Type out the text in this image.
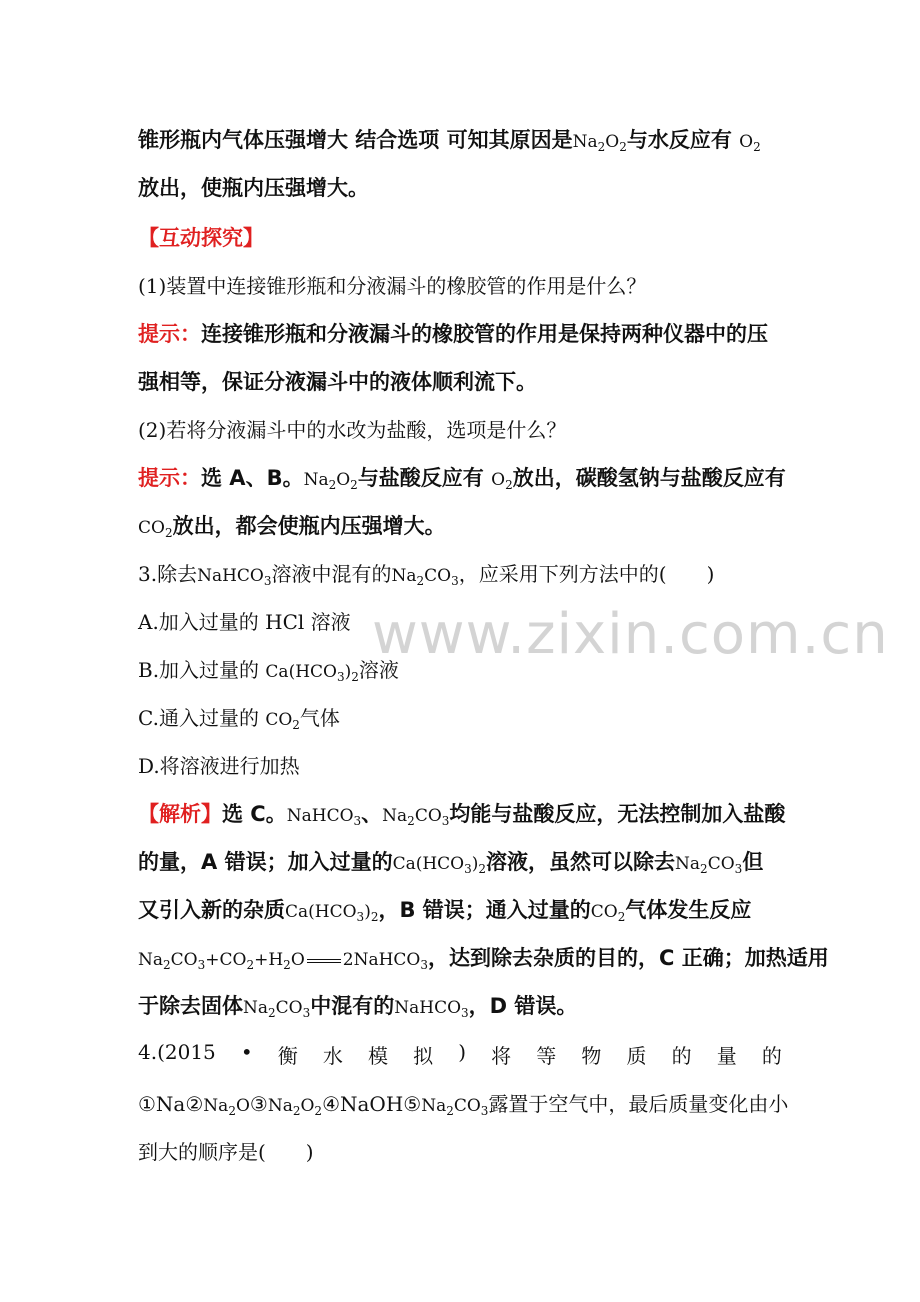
www.zixin.com.cn
锥形瓶内气体压强增大 结合选项 可知其原因是$Na_2O_2$与水反应有 $O_2$
放出，使瓶内压强增大。
【互动探究】
(1)装置中连接锥形瓶和分液漏斗的橡胶管的作用是什么？
提示：连接锥形瓶和分液漏斗的橡胶管的作用是保持两种仪器中的压
强相等，保证分液漏斗中的液体顺利流下。
(2)若将分液漏斗中的水改为盐酸，选项是什么？
提示：选 A、B。$Na_2O_2$与盐酸反应有 $O_2$放出，碳酸氢钠与盐酸反应有
$CO_2$放出，都会使瓶内压强增大。
3.除去NaHCO$_3$溶液中混有的$Na_2CO_3$，应采用下列方法中的(　　)
A.加入过量的 HCl 溶液
B.加入过量的 $Ca(HCO_3)_2$溶液
C.通入过量的 $CO_2$气体
D.将溶液进行加热
【解析】选 C。NaHCO$_3$、$Na_2CO_3$均能与盐酸反应，无法控制加入盐酸
的量，A 错误；加入过量的$Ca(HCO_3)_2$溶液，虽然可以除去$Na_2CO_3$但
又引入新的杂质$Ca(HCO_3)_2$，B 错误；通入过量的$CO_2$气体发生反应
$Na_2CO_3+CO_2+H_2O$ 2NaHCO$_3$，达到除去杂质的目的，C 正确；加热适用
于除去固体$Na_2CO_3$中混有的NaHCO$_3$，D 错误。
4.(2015 • 衡 水 模 拟 ) 将 等 物 质 的 量 的
$①Na②Na_2O③Na_2O_2④NaOH⑤Na_2CO_3$露置于空气中，最后质量变化由小
到大的顺序是(　　)
